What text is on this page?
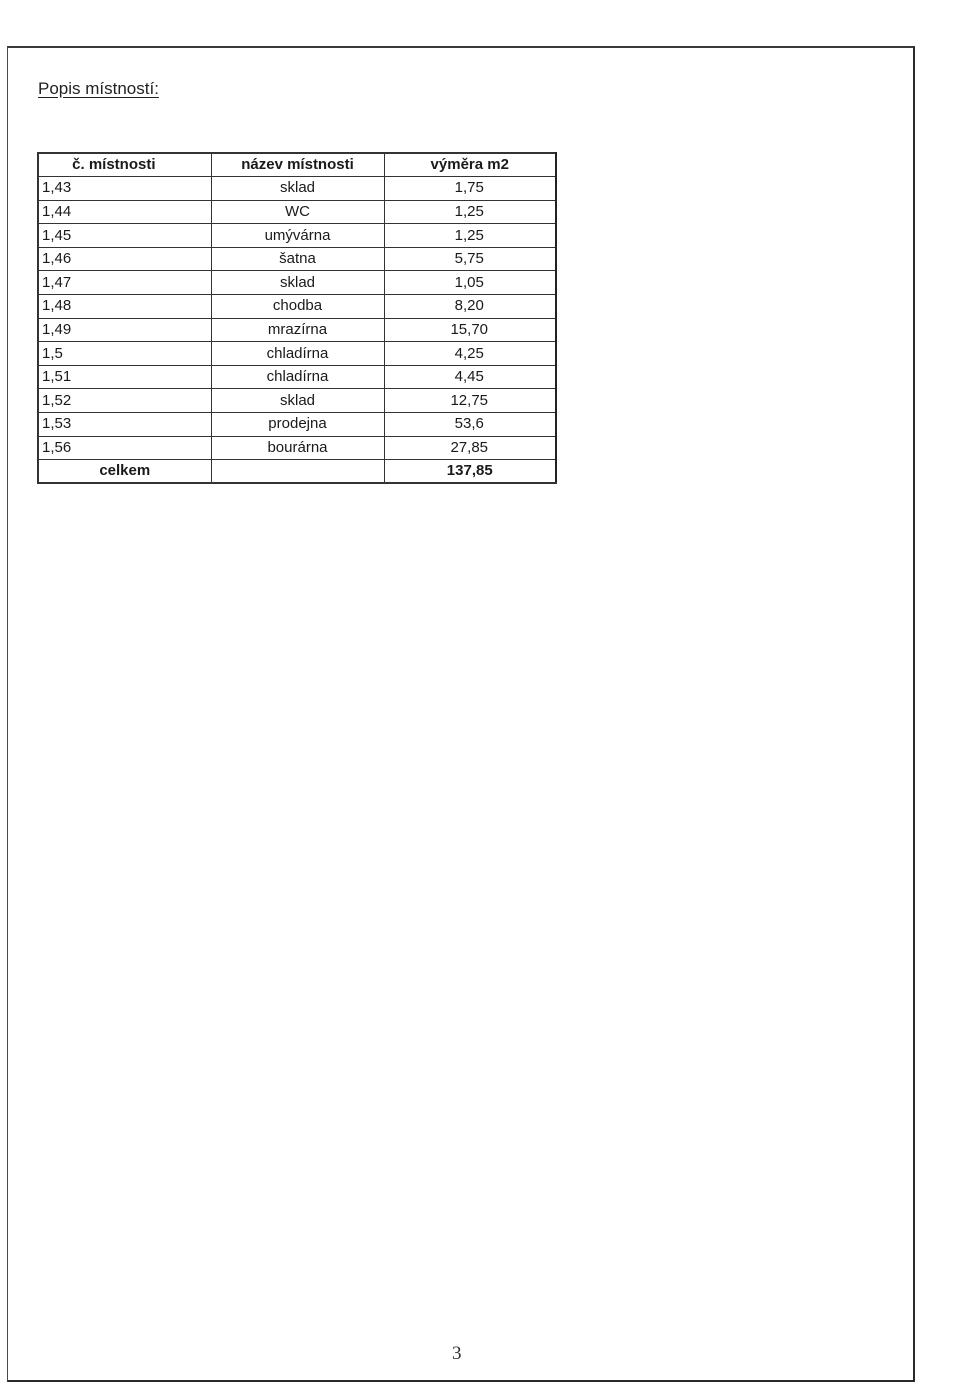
Popis místností:
č. místnosti	název místnosti	výměra m2
1,43	sklad	1,75
1,44	WC	1,25
1,45	umývárna	1,25
1,46	šatna	5,75
1,47	sklad	1,05
1,48	chodba	8,20
1,49	mrazírna	15,70
1,5	chladírna	4,25
1,51	chladírna	4,45
1,52	sklad	12,75
1,53	prodejna	53,6
1,56	bourárna	27,85
celkem		137,85
3
